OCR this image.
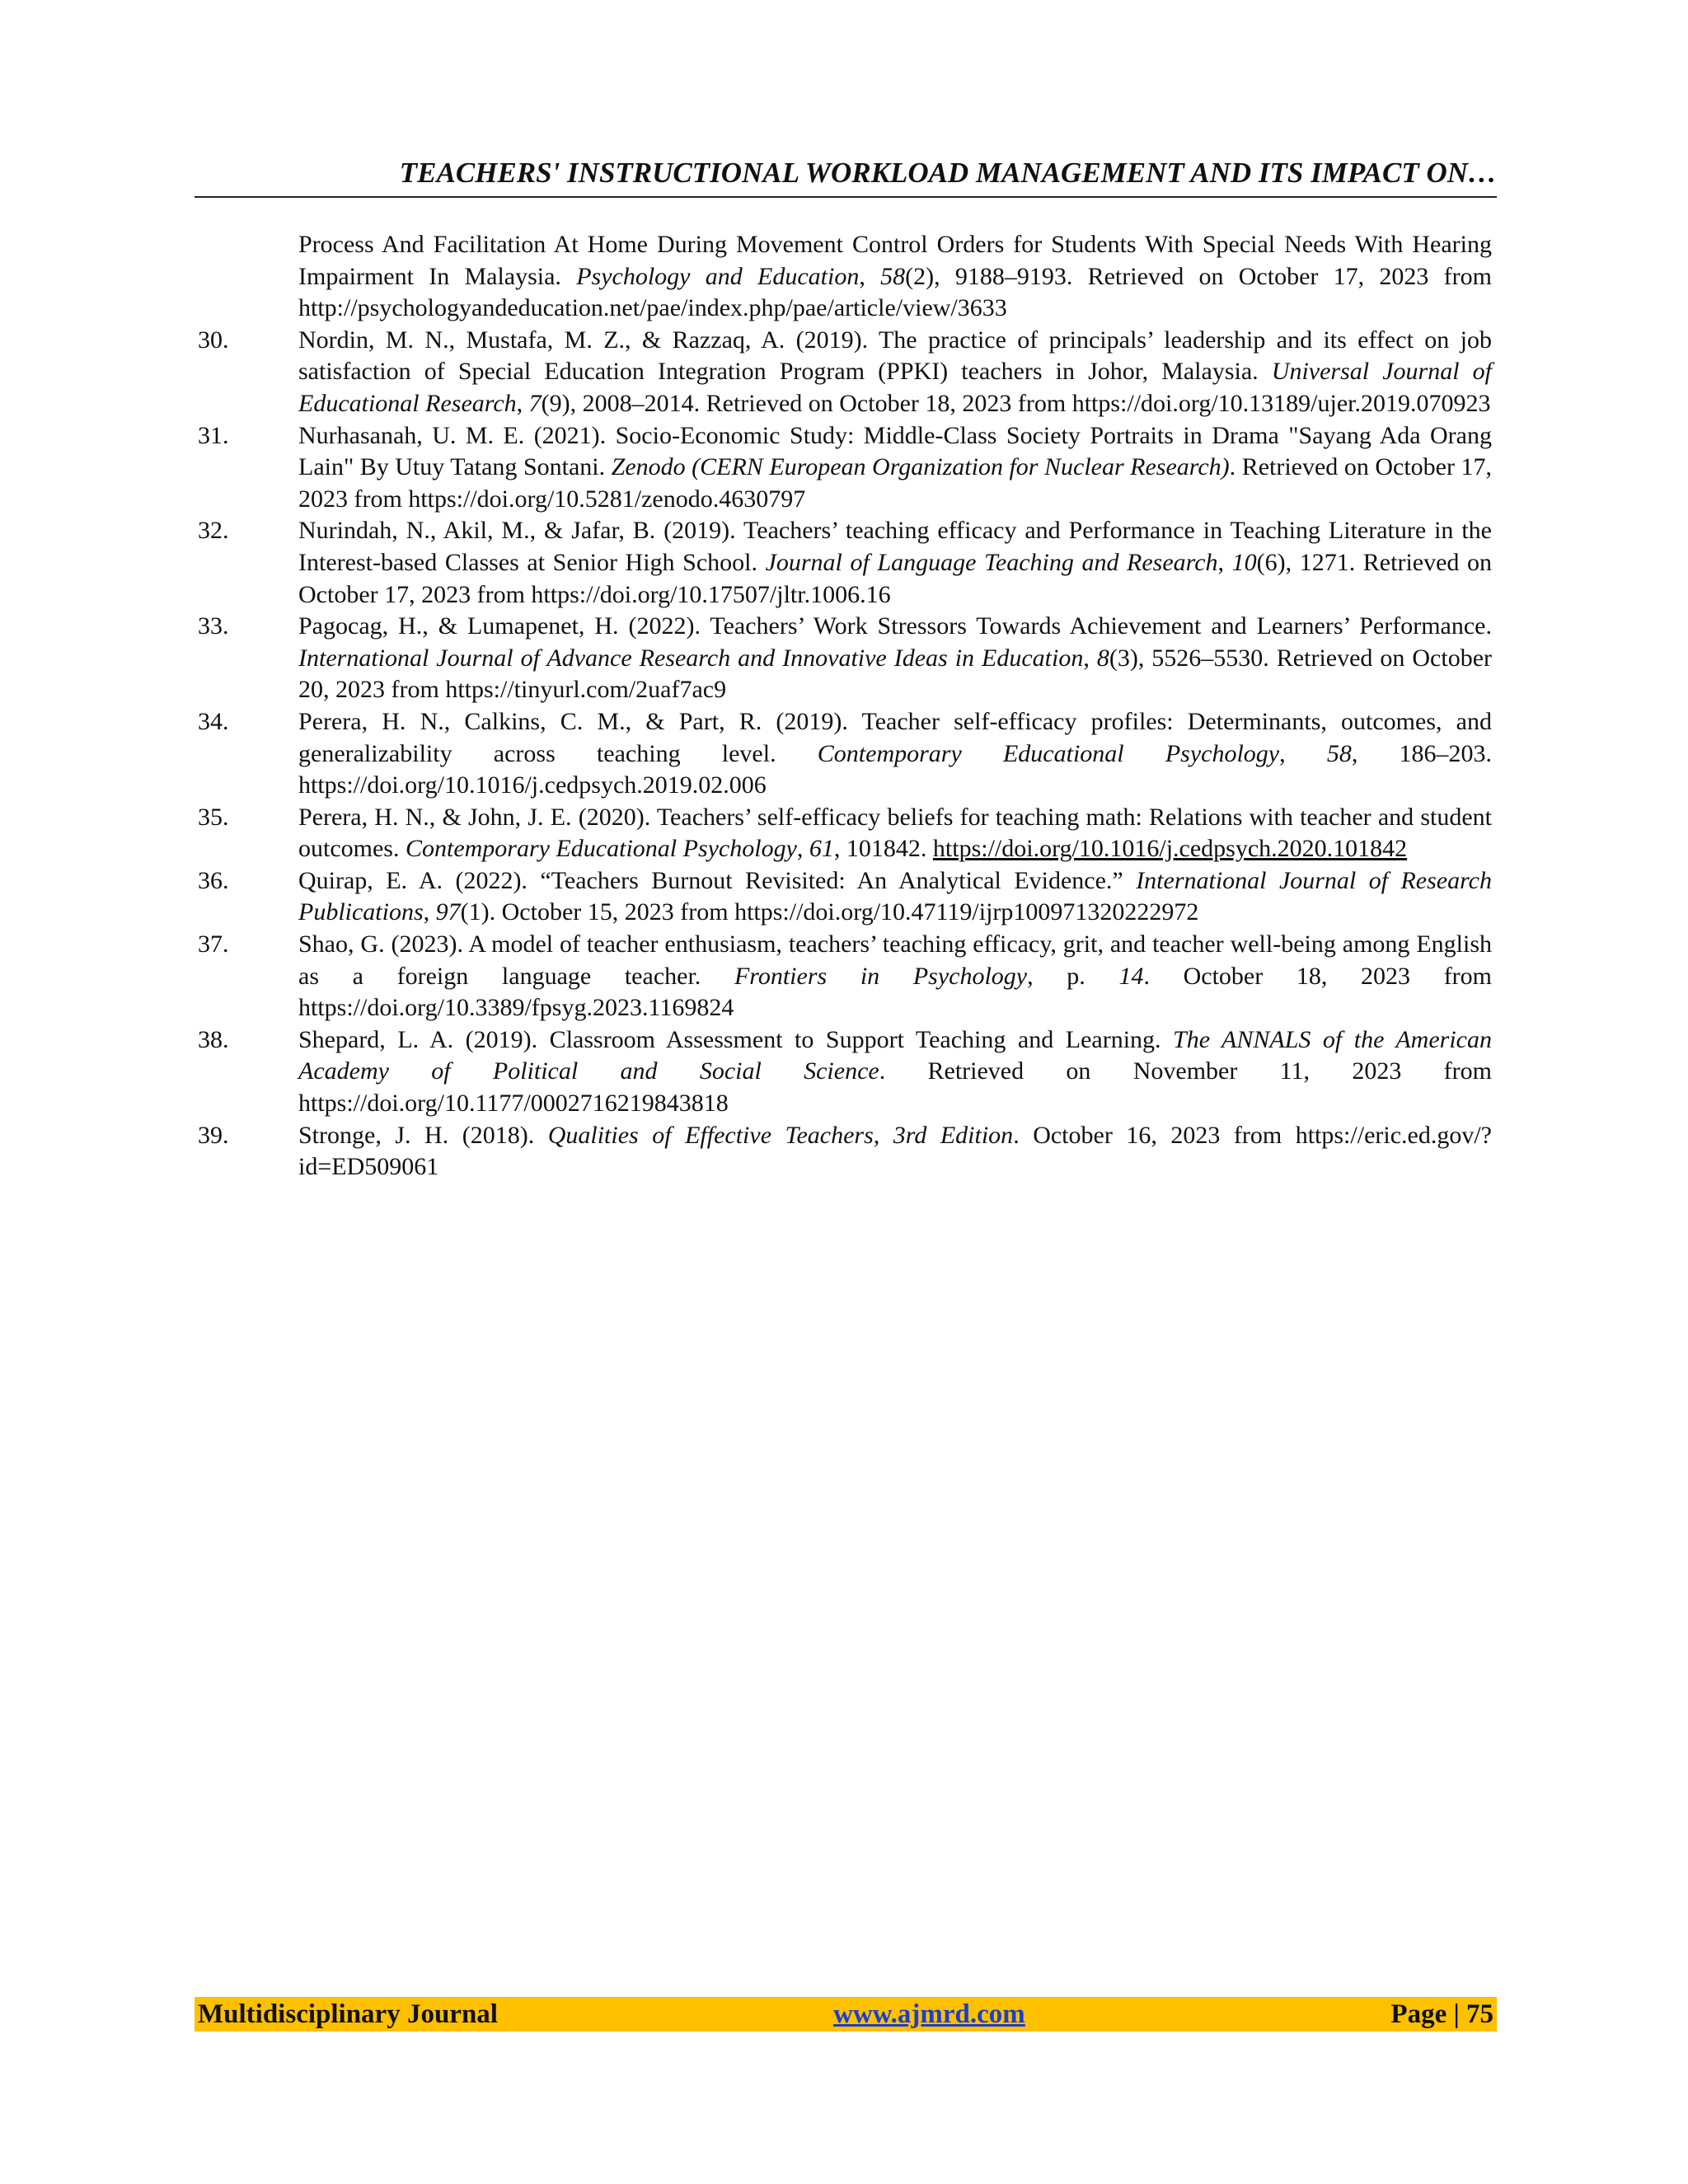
TEACHERS' INSTRUCTIONAL WORKLOAD MANAGEMENT AND ITS IMPACT ON…
Process And Facilitation At Home During Movement Control Orders for Students With Special Needs With Hearing Impairment In Malaysia. Psychology and Education, 58(2), 9188–9193. Retrieved on October 17, 2023 from http://psychologyandeducation.net/pae/index.php/pae/article/view/3633
30.	Nordin, M. N., Mustafa, M. Z., & Razzaq, A. (2019). The practice of principals’ leadership and its effect on job satisfaction of Special Education Integration Program (PPKI) teachers in Johor, Malaysia. Universal Journal of Educational Research, 7(9), 2008–2014. Retrieved on October 18, 2023 from https://doi.org/10.13189/ujer.2019.070923
31.	Nurhasanah, U. M. E. (2021). Socio-Economic Study: Middle-Class Society Portraits in Drama "Sayang Ada Orang Lain" By Utuy Tatang Sontani. Zenodo (CERN European Organization for Nuclear Research). Retrieved on October 17, 2023 from https://doi.org/10.5281/zenodo.4630797
32.	Nurindah, N., Akil, M., & Jafar, B. (2019). Teachers’ teaching efficacy and Performance in Teaching Literature in the Interest-based Classes at Senior High School. Journal of Language Teaching and Research, 10(6), 1271. Retrieved on October 17, 2023 from https://doi.org/10.17507/jltr.1006.16
33.	Pagocag, H., & Lumapenet, H. (2022). Teachers’ Work Stressors Towards Achievement and Learners’ Performance. International Journal of Advance Research and Innovative Ideas in Education, 8(3), 5526–5530. Retrieved on October 20, 2023 from https://tinyurl.com/2uaf7ac9
34.	Perera, H. N., Calkins, C. M., & Part, R. (2019). Teacher self-efficacy profiles: Determinants, outcomes, and generalizability across teaching level. Contemporary Educational Psychology, 58, 186–203. https://doi.org/10.1016/j.cedpsych.2019.02.006
35.	Perera, H. N., & John, J. E. (2020). Teachers’ self-efficacy beliefs for teaching math: Relations with teacher and student outcomes. Contemporary Educational Psychology, 61, 101842. https://doi.org/10.1016/j.cedpsych.2020.101842
36.	Quirap, E. A. (2022). “Teachers Burnout Revisited: An Analytical Evidence.” International Journal of Research Publications, 97(1). October 15, 2023 from https://doi.org/10.47119/ijrp100971320222972
37.	Shao, G. (2023). A model of teacher enthusiasm, teachers’ teaching efficacy, grit, and teacher well-being among English as a foreign language teacher. Frontiers in Psychology, p. 14. October 18, 2023 from https://doi.org/10.3389/fpsyg.2023.1169824
38.	Shepard, L. A. (2019). Classroom Assessment to Support Teaching and Learning. The ANNALS of the American Academy of Political and Social Science. Retrieved on November 11, 2023 from https://doi.org/10.1177/0002716219843818
39.	Stronge, J. H. (2018). Qualities of Effective Teachers, 3rd Edition. October 16, 2023 from https://eric.ed.gov/?id=ED509061
Multidisciplinary Journal	www.ajmrd.com	Page | 75
